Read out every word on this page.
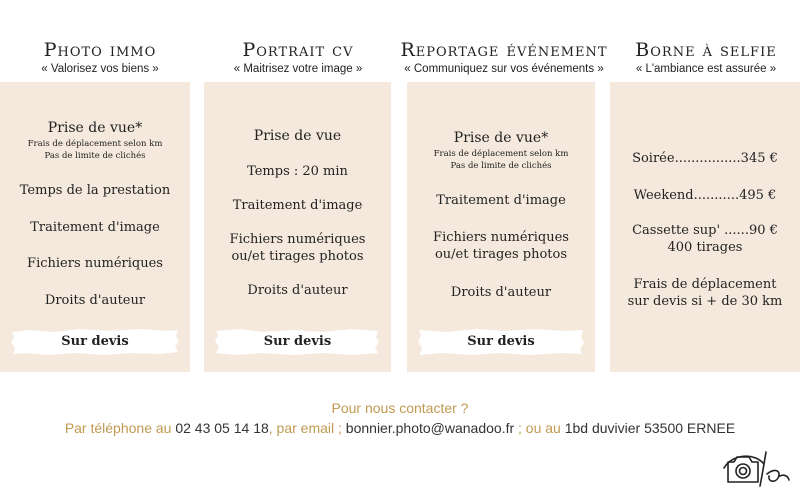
Photo immo
« Valorisez vos biens »
Portrait cv
« Maitrisez votre image »
Reportage événement
« Communiquez sur vos événements »
Borne à selfie
« L'ambiance est assurée »
Prise de vue*
Frais de déplacement selon km
Pas de limite de clichés
Temps de la prestation
Traitement d'image
Fichiers numériques
Droits d'auteur
Sur devis
Prise de vue
Temps : 20 min
Traitement d'image
Fichiers numériques
ou/et tirages photos
Droits d'auteur
Sur devis
Prise de vue*
Frais de déplacement selon km
Pas de limite de clichés
Traitement d'image
Fichiers numériques
ou/et tirages photos
Droits d'auteur
Sur devis
Soirée................345 €
Weekend...........495 €
Cassette sup' ......90 €
400 tirages
Frais de déplacement
sur devis si + de 30 km
Pour nous contacter ?
Par téléphone au 02 43 05 14 18, par email ; bonnier.photo@wanadoo.fr ; ou au 1bd duvivier 53500 ERNEE
